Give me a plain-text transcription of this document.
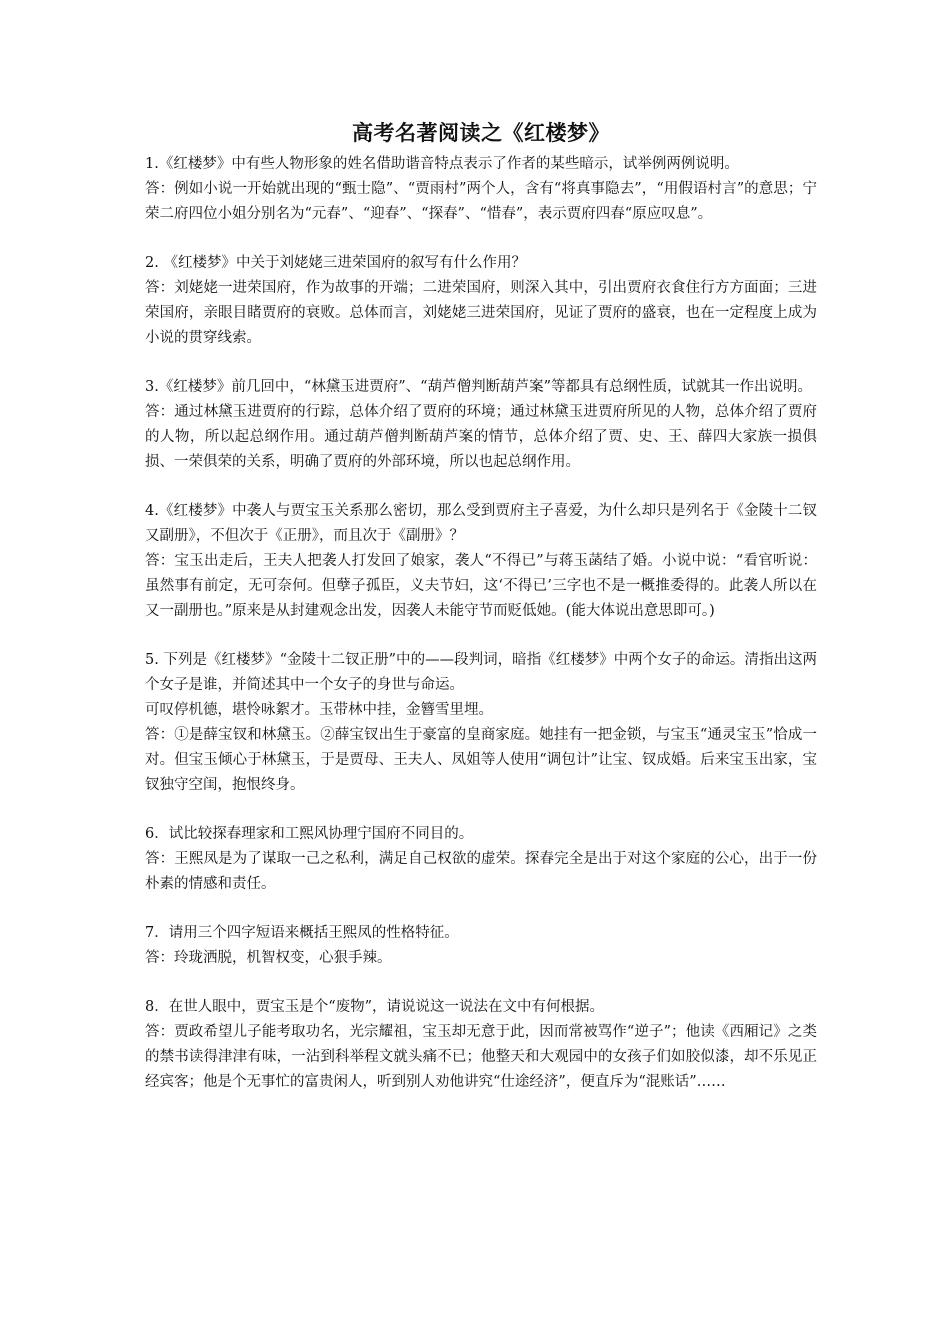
高考名著阅读之《红楼梦》

1.《红楼梦》中有些人物形象的姓名借助谐音特点表示了作者的某些暗示，试举例两例说明。

答：例如小说一开始就出现的“甄士隐”、“贾雨村”两个人，含有“将真事隐去”，“用假语村言”的意思；宁荣二府四位小姐分别名为“元春”、“迎春”、“探春”、“惜春”，表示贾府四春“原应叹息”。

2. 《红楼梦》中关于刘姥姥三进荣国府的叙写有什么作用？

答：刘姥姥一进荣国府，作为故事的开端；二进荣国府，则深入其中，引出贾府衣食住行方方面面；三进荣国府，亲眼目睹贾府的衰败。总体而言，刘姥姥三进荣国府，见证了贾府的盛衰，也在一定程度上成为小说的贯穿线索。

3.《红楼梦》前几回中，“林黛玉进贾府”、“葫芦僧判断葫芦案”等都具有总纲性质，试就其一作出说明。

答：通过林黛玉进贾府的行踪，总体介绍了贾府的环境；通过林黛玉进贾府所见的人物，总体介绍了贾府的人物，所以起总纲作用。通过葫芦僧判断葫芦案的情节，总体介绍了贾、史、王、薛四大家族一损俱损、一荣俱荣的关系，明确了贾府的外部环境，所以也起总纲作用。

4.《红楼梦》中袭人与贾宝玉关系那么密切，那么受到贾府主子喜爱，为什么却只是列名于《金陵十二钗又副册》，不但次于《正册》，而且次于《副册》？

答：宝玉出走后，王夫人把袭人打发回了娘家，袭人“不得已”与蒋玉菡结了婚。小说中说：“看官听说：虽然事有前定，无可奈何。但孽子孤臣，义夫节妇，这‘不得已’三字也不是一概推委得的。此袭人所以在又一副册也。”原来是从封建观念出发，因袭人未能守节而贬低她。(能大体说出意思即可。)

5. 下列是《红楼梦》“金陵十二钗正册”中的——段判词，暗指《红楼梦》中两个女子的命运。清指出这两个女子是谁，并简述其中一个女子的身世与命运。

可叹停机德，堪怜咏絮才。玉带林中挂，金簪雪里埋。

答：①是薛宝钗和林黛玉。②薛宝钗出生于豪富的皇商家庭。她挂有一把金锁，与宝玉“通灵宝玉”恰成一对。但宝玉倾心于林黛玉，于是贾母、王夫人、凤姐等人使用“调包计”让宝、钗成婚。后来宝玉出家，宝钗独守空闺，抱恨终身。

6．试比较探春理家和工熙风协理宁国府不同目的。

答：王熙凤是为了谋取一己之私利，满足自己权欲的虚荣。探春完全是出于对这个家庭的公心，出于一份朴素的情感和责任。

7．请用三个四字短语来概括王熙凤的性格特征。

答：玲珑洒脱，机智权变，心狠手辣。

8．在世人眼中，贾宝玉是个“废物”，请说说这一说法在文中有何根据。

答：贾政希望儿子能考取功名，光宗耀祖，宝玉却无意于此，因而常被骂作“逆子”；他读《西厢记》之类的禁书读得津津有味，一沾到科举程文就头痛不已；他整天和大观园中的女孩子们如胶似漆，却不乐见正经宾客；他是个无事忙的富贵闲人，听到别人劝他讲究“仕途经济”，便直斥为“混账话”……
